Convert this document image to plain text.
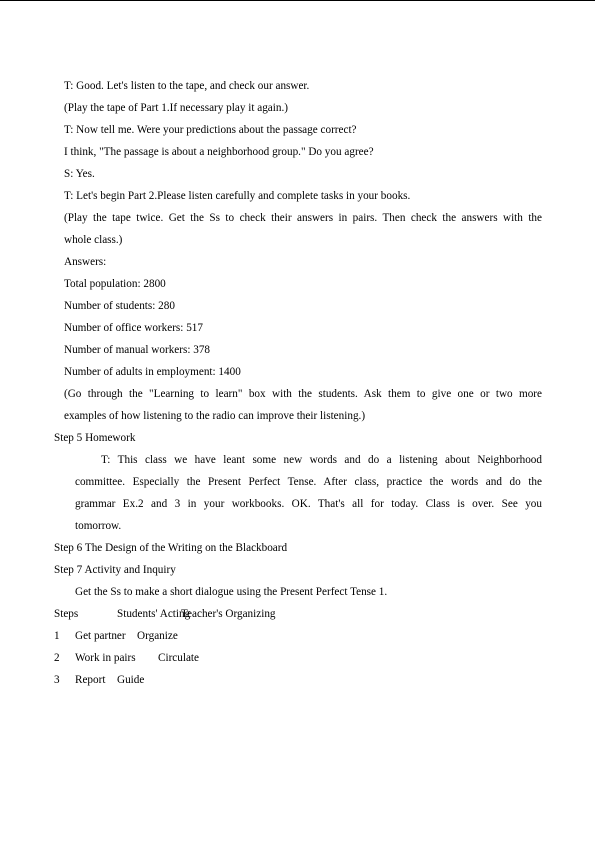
T: Good. Let's listen to the tape, and check our answer.
(Play the tape of Part 1.If necessary play it again.)
T: Now tell me. Were your predictions about the passage correct?
I think, "The passage is about a neighborhood group." Do you agree?
S: Yes.
T: Let's begin Part 2.Please listen carefully and complete tasks in your books.
(Play the tape twice. Get the Ss to check their answers in pairs. Then check the answers with the
whole class.)
Answers:
Total population: 2800
Number of students: 280
Number of office workers: 517
Number of manual workers: 378
Number of adults in employment: 1400
(Go through the "Learning to learn" box with the students. Ask them to give one or two more
examples of how listening to the radio can improve their listening.)
Step 5 Homework
T: This class we have leant some new words and do a listening about Neighborhood
committee. Especially the Present Perfect Tense. After class, practice the words and do the
grammar Ex.2 and 3 in your workbooks. OK. That's all for today. Class is over. See you
tomorrow.
Step 6 The Design of the Writing on the Blackboard
Step 7 Activity and Inquiry
Get the Ss to make a short dialogue using the Present Perfect Tense 1.
Steps	Students' Acting
Teacher's Organizing
1 Get partner Organize
2 Work in pairs Circulate
3 Report Guide
